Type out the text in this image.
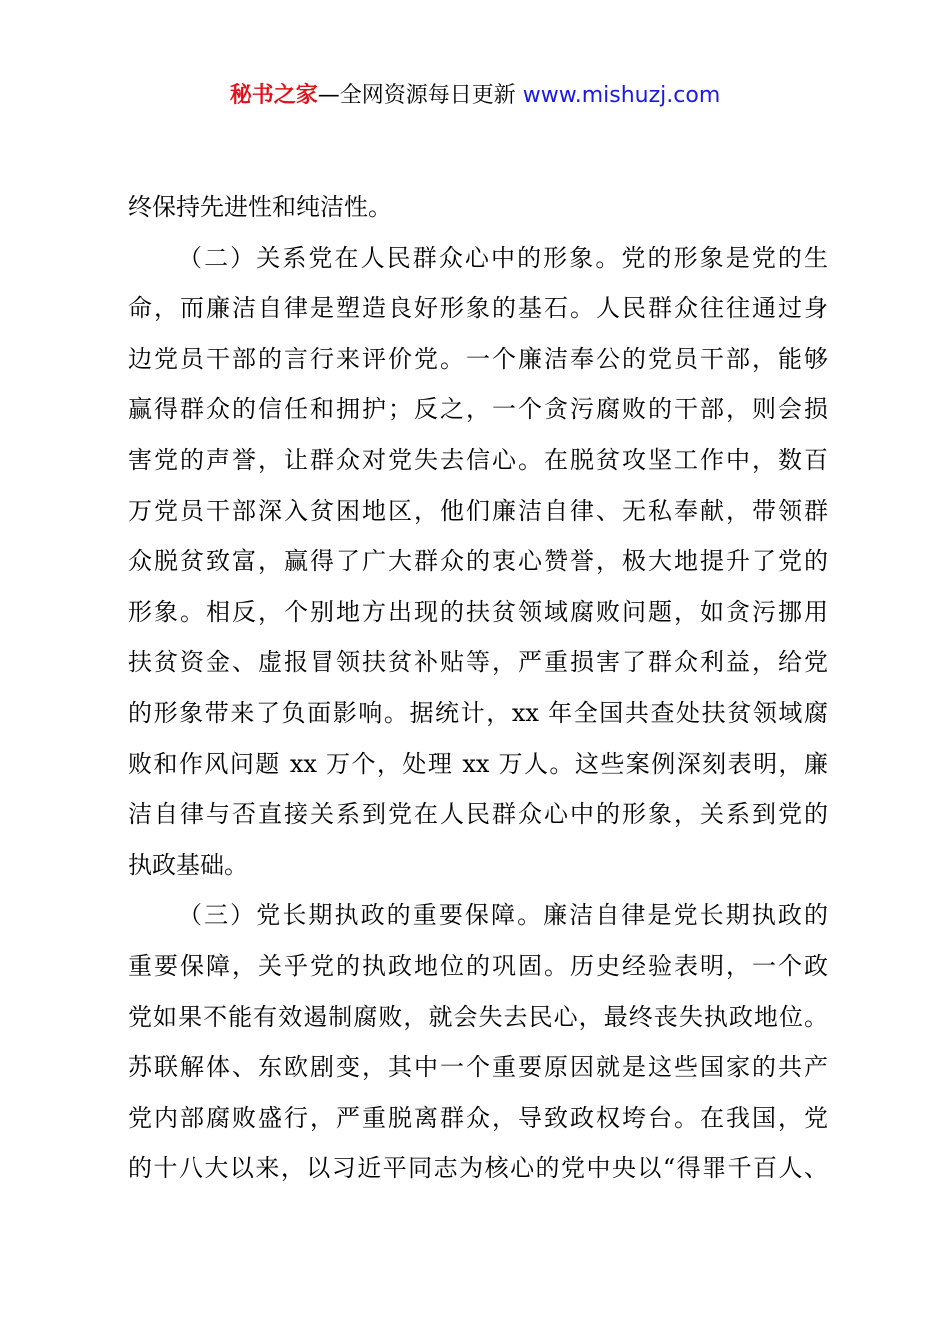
秘书之家—全网资源每日更新 www.mishuzj.com
终保持先进性和纯洁性。
（二）关系党在人民群众心中的形象。党的形象是党的生
命，而廉洁自律是塑造良好形象的基石。人民群众往往通过身
边党员干部的言行来评价党。一个廉洁奉公的党员干部，能够
赢得群众的信任和拥护；反之，一个贪污腐败的干部，则会损
害党的声誉，让群众对党失去信心。在脱贫攻坚工作中，数百
万党员干部深入贫困地区，他们廉洁自律、无私奉献，带领群
众脱贫致富，赢得了广大群众的衷心赞誉，极大地提升了党的
形象。相反，个别地方出现的扶贫领域腐败问题，如贪污挪用
扶贫资金、虚报冒领扶贫补贴等，严重损害了群众利益，给党
的形象带来了负面影响。据统计，xx 年全国共查处扶贫领域腐
败和作风问题 xx 万个，处理 xx 万人。这些案例深刻表明，廉
洁自律与否直接关系到党在人民群众心中的形象，关系到党的
执政基础。
（三）党长期执政的重要保障。廉洁自律是党长期执政的
重要保障，关乎党的执政地位的巩固。历史经验表明，一个政
党如果不能有效遏制腐败，就会失去民心，最终丧失执政地位。
苏联解体、东欧剧变，其中一个重要原因就是这些国家的共产
党内部腐败盛行，严重脱离群众，导致政权垮台。在我国，党
的十八大以来，以习近平同志为核心的党中央以“得罪千百人、
